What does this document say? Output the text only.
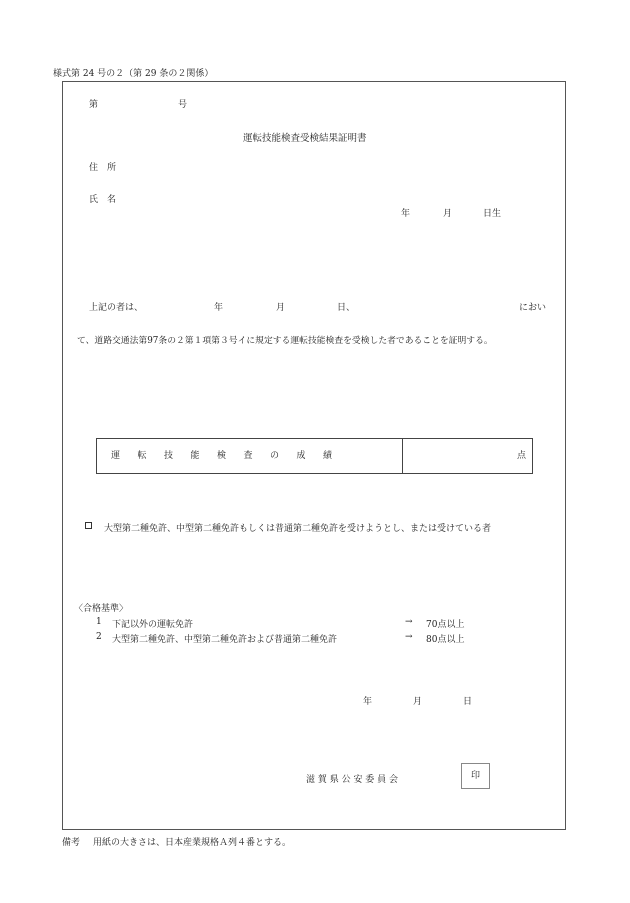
様式第 24 号の２（第 29 条の２関係）
第	号
運転技能検査受検結果証明書
住　所
氏　名
年	月	日生
上記の者は、	年	月	日、	におい
て、道路交通法第97条の２第１項第３号イに規定する運転技能検査を受検した者であることを証明する。
運転技能検査の成績	点
大型第二種免許、中型第二種免許もしくは普通第二種免許を受けようとし、または受けている者
〈合格基準〉
1 下記以外の運転免許	→ 70点以上
2 大型第二種免許、中型第二種免許および普通第二種免許	→ 80点以上
年	月	日
滋 賀 県 公 安 委 員 会	印
備考 用紙の大きさは、日本産業規格Ａ列４番とする。
